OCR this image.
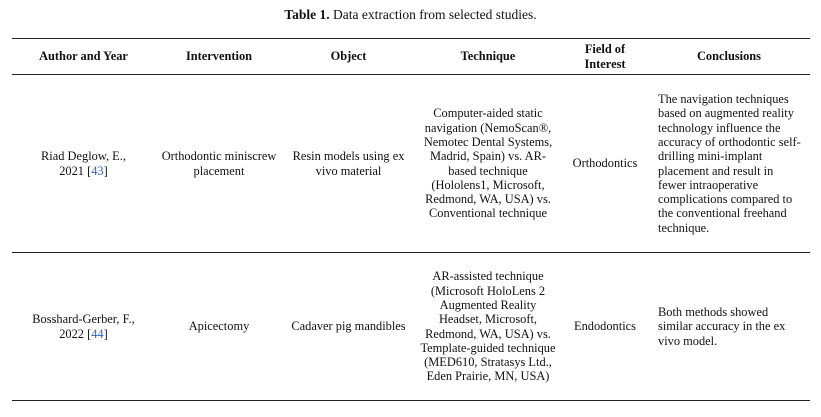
Table 1. Data extraction from selected studies.
Author and Year	Intervention	Object	Technique	Field of Interest	Conclusions
Riad Deglow, E.,
2021 [43]	Orthodontic miniscrew placement	Resin models using ex vivo material	Computer-aided static navigation (NemoScan®, Nemotec Dental Systems, Madrid, Spain) vs. AR-based technique (Hololens1, Microsoft, Redmond, WA, USA) vs. Conventional technique	Orthodontics	The navigation techniques based on augmented reality technology influence the accuracy of orthodontic self-drilling mini-implant placement and result in fewer intraoperative complications compared to the conventional freehand technique.
Bosshard-Gerber, F.,
2022 [44]	Apicectomy	Cadaver pig mandibles	AR-assisted technique (Microsoft HoloLens 2 Augmented Reality Headset, Microsoft, Redmond, WA, USA) vs. Template-guided technique (MED610, Stratasys Ltd., Eden Prairie, MN, USA)	Endodontics	Both methods showed similar accuracy in the ex vivo model.
